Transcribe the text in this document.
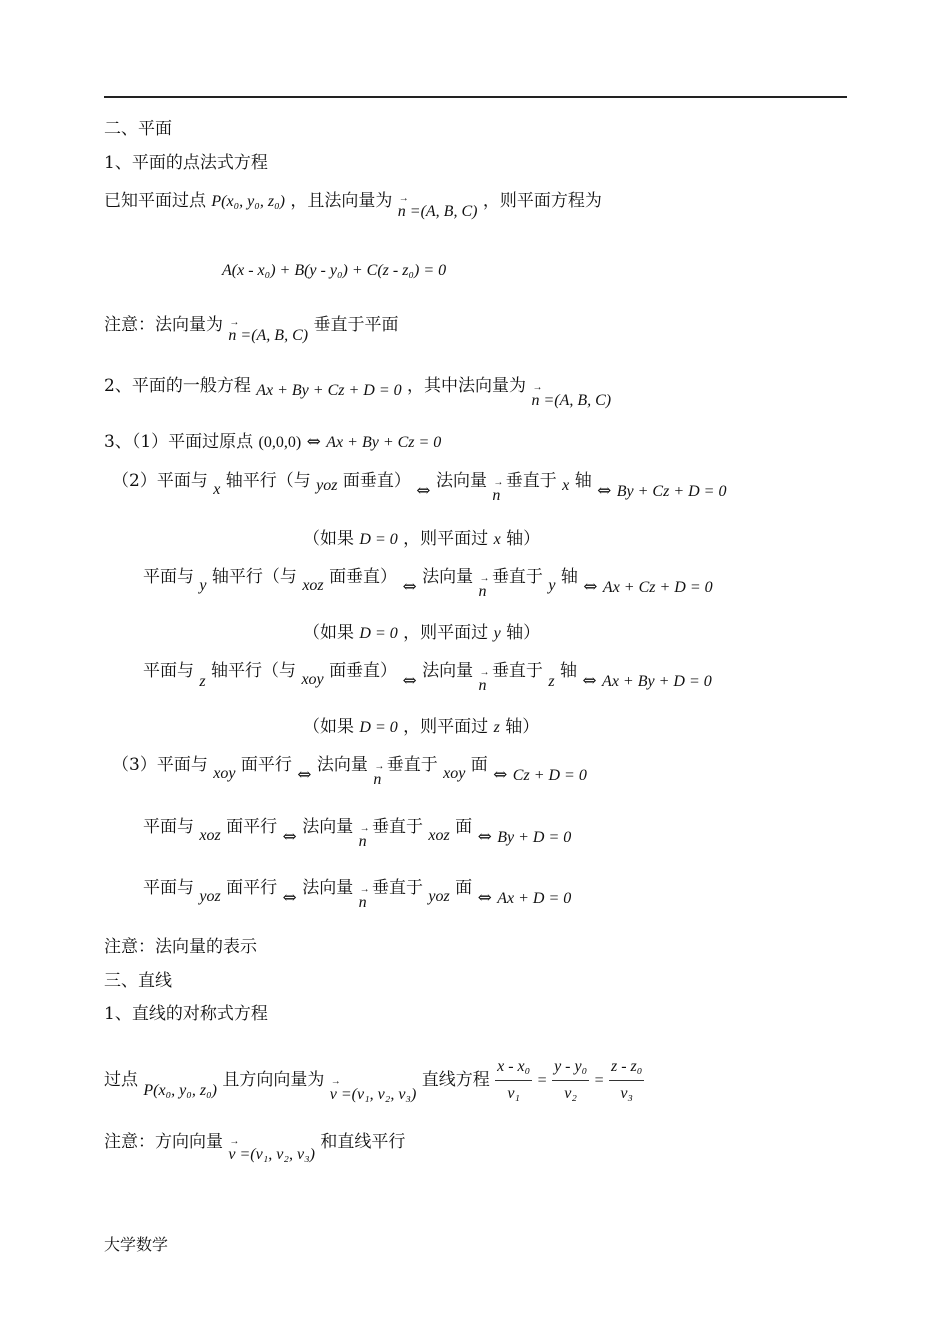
二、平面
1、平面的点法式方程
已知平面过点 P(x₀, y₀, z₀) ，且法向量为 → n =(A, B, C) ，则平面方程为
A(x - x₀) + B(y - y₀) + C(z - z₀) = 0
注意：法向量为 → n =(A, B, C) 垂直于平面
2、平面的一般方程 Ax + By + Cz + D = 0 ，其中法向量为 → n =(A, B, C)
3、（1）平面过原点 (0,0,0) ⇔ Ax + By + Cz = 0
（2）平面与 x 轴平行（与 yoz 面垂直） ⇔ 法向量 → n 垂直于 x 轴 ⇔ By + Cz + D = 0
（如果 D = 0 ，则平面过 x 轴）
平面与 y 轴平行（与 xoz 面垂直） ⇔ 法向量 → n 垂直于 y 轴 ⇔ Ax + Cz + D = 0
（如果 D = 0 ，则平面过 y 轴）
平面与 z 轴平行（与 xoy 面垂直） ⇔ 法向量 → n 垂直于 z 轴 ⇔ Ax + By + D = 0
（如果 D = 0 ，则平面过 z 轴）
（3）平面与 xoy 面平行 ⇔ 法向量 → n 垂直于 xoy 面 ⇔ Cz + D = 0
平面与 xoz 面平行 ⇔ 法向量 → n 垂直于 xoz 面 ⇔ By + D = 0
平面与 yoz 面平行 ⇔ 法向量 → n 垂直于 yoz 面 ⇔ Ax + D = 0
注意：法向量的表示
三、直线
1、直线的对称式方程
过点 P(x₀, y₀, z₀) 且方向向量为 → v =(v₁, v₂, v₃) 直线方程 $\frac{\text{x - x₀}}{\text{v₁}} = \frac{\text{y - y₀}}{\text{v₂}} = \frac{\text{z - z₀}}{\text{v₃}}$
注意：方向向量 → v =(v₁, v₂, v₃) 和直线平行
大学数学
